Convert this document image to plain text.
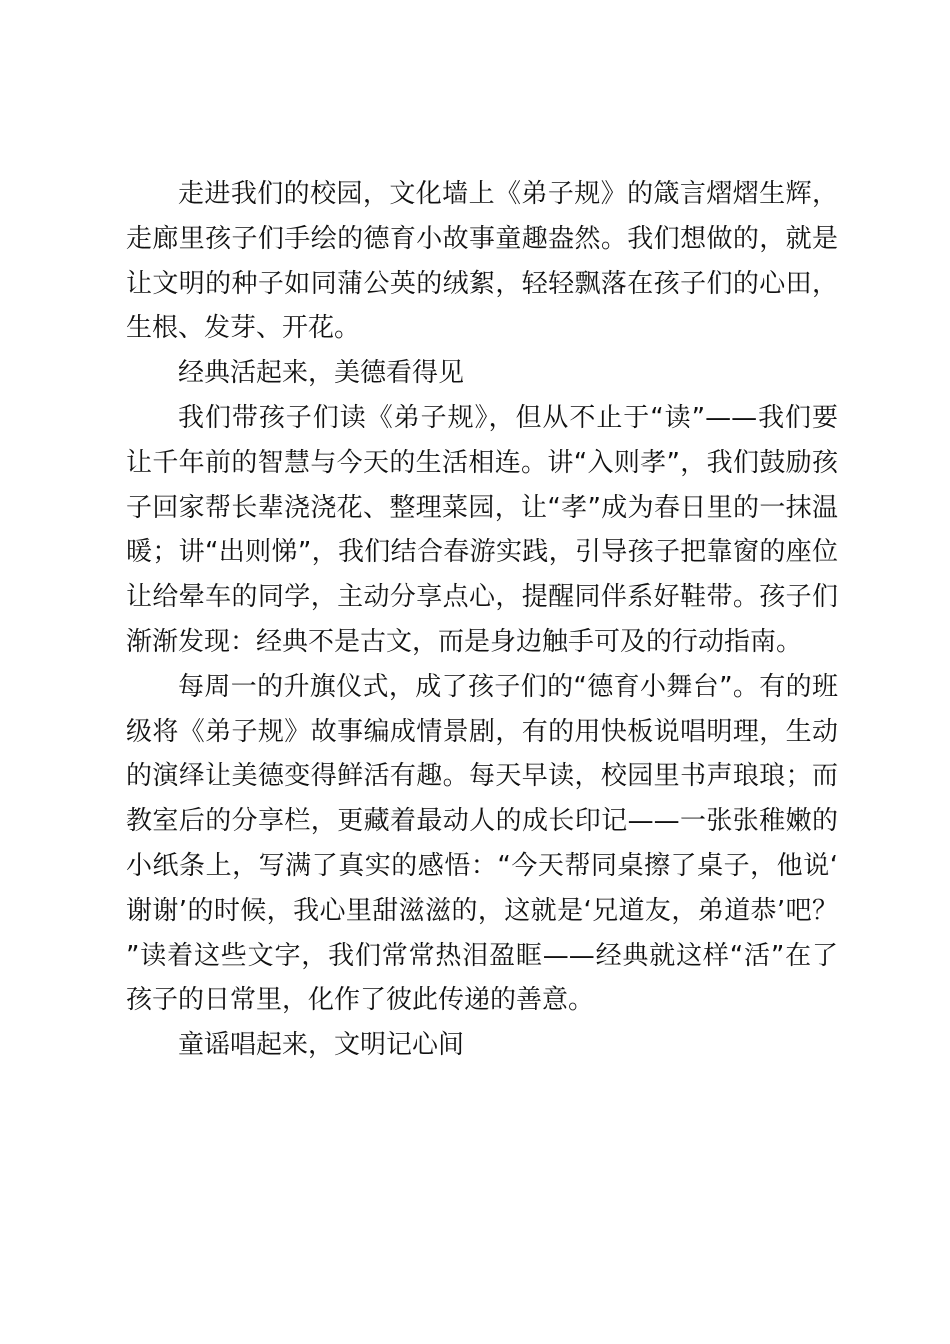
走进我们的校园，文化墙上《弟子规》的箴言熠熠生辉，走廊里孩子们手绘的德育小故事童趣盎然。我们想做的，就是让文明的种子如同蒲公英的绒絮，轻轻飘落在孩子们的心田，生根、发芽、开花。

经典活起来，美德看得见

我们带孩子们读《弟子规》，但从不止于“读”——我们要让千年前的智慧与今天的生活相连。讲“入则孝”，我们鼓励孩子回家帮长辈浇浇花、整理菜园，让“孝”成为春日里的一抹温暖；讲“出则悌”，我们结合春游实践，引导孩子把靠窗的座位让给晕车的同学，主动分享点心，提醒同伴系好鞋带。孩子们渐渐发现：经典不是古文，而是身边触手可及的行动指南。

每周一的升旗仪式，成了孩子们的“德育小舞台”。有的班级将《弟子规》故事编成情景剧，有的用快板说唱明理，生动的演绎让美德变得鲜活有趣。每天早读，校园里书声琅琅；而教室后的分享栏，更藏着最动人的成长印记——一张张稚嫩的小纸条上，写满了真实的感悟：“今天帮同桌擦了桌子，他说‘谢谢’的时候，我心里甜滋滋的，这就是‘兄道友，弟道恭’吧？”读着这些文字，我们常常热泪盈眶——经典就这样“活”在了孩子的日常里，化作了彼此传递的善意。

童谣唱起来，文明记心间
